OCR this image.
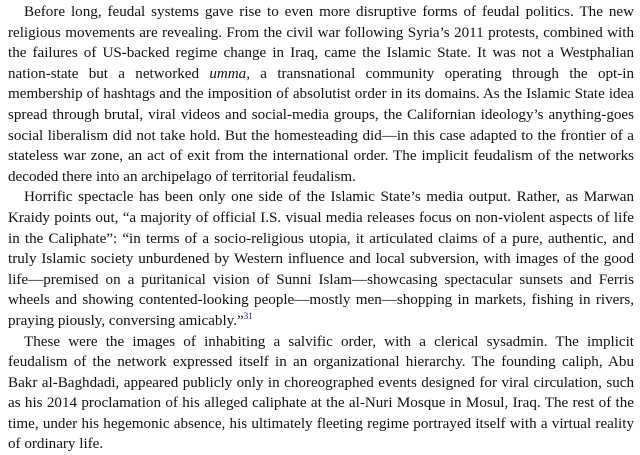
Before long, feudal systems gave rise to even more disruptive forms of feudal politics. The new religious movements are revealing. From the civil war following Syria’s 2011 protests, combined with the failures of US-backed regime change in Iraq, came the Islamic State. It was not a Westphalian nation-state but a networked umma, a transnational community operating through the opt-in membership of hashtags and the imposition of absolutist order in its domains. As the Islamic State idea spread through brutal, viral videos and social-media groups, the Californian ideology’s anything-goes social liberalism did not take hold. But the homesteading did—in this case adapted to the frontier of a stateless war zone, an act of exit from the international order. The implicit feudalism of the networks decoded there into an archipelago of territorial feudalism.

Horrific spectacle has been only one side of the Islamic State’s media output. Rather, as Marwan Kraidy points out, “a majority of official I.S. visual media releases focus on non-violent aspects of life in the Caliphate”: “in terms of a socio-religious utopia, it articulated claims of a pure, authentic, and truly Islamic society unburdened by Western influence and local subversion, with images of the good life—premised on a puritanical vision of Sunni Islam—showcasing spectacular sunsets and Ferris wheels and showing contented-looking people—mostly men—shopping in markets, fishing in rivers, praying piously, conversing amicably.”$^{31}$

These were the images of inhabiting a salvific order, with a clerical sysadmin. The implicit feudalism of the network expressed itself in an organizational hierarchy. The founding caliph, Abu Bakr al-Baghdadi, appeared publicly only in choreographed events designed for viral circulation, such as his 2014 proclamation of his alleged caliphate at the al-Nuri Mosque in Mosul, Iraq. The rest of the time, under his hegemonic absence, his ultimately fleeting regime portrayed itself with a virtual reality of ordinary life.
